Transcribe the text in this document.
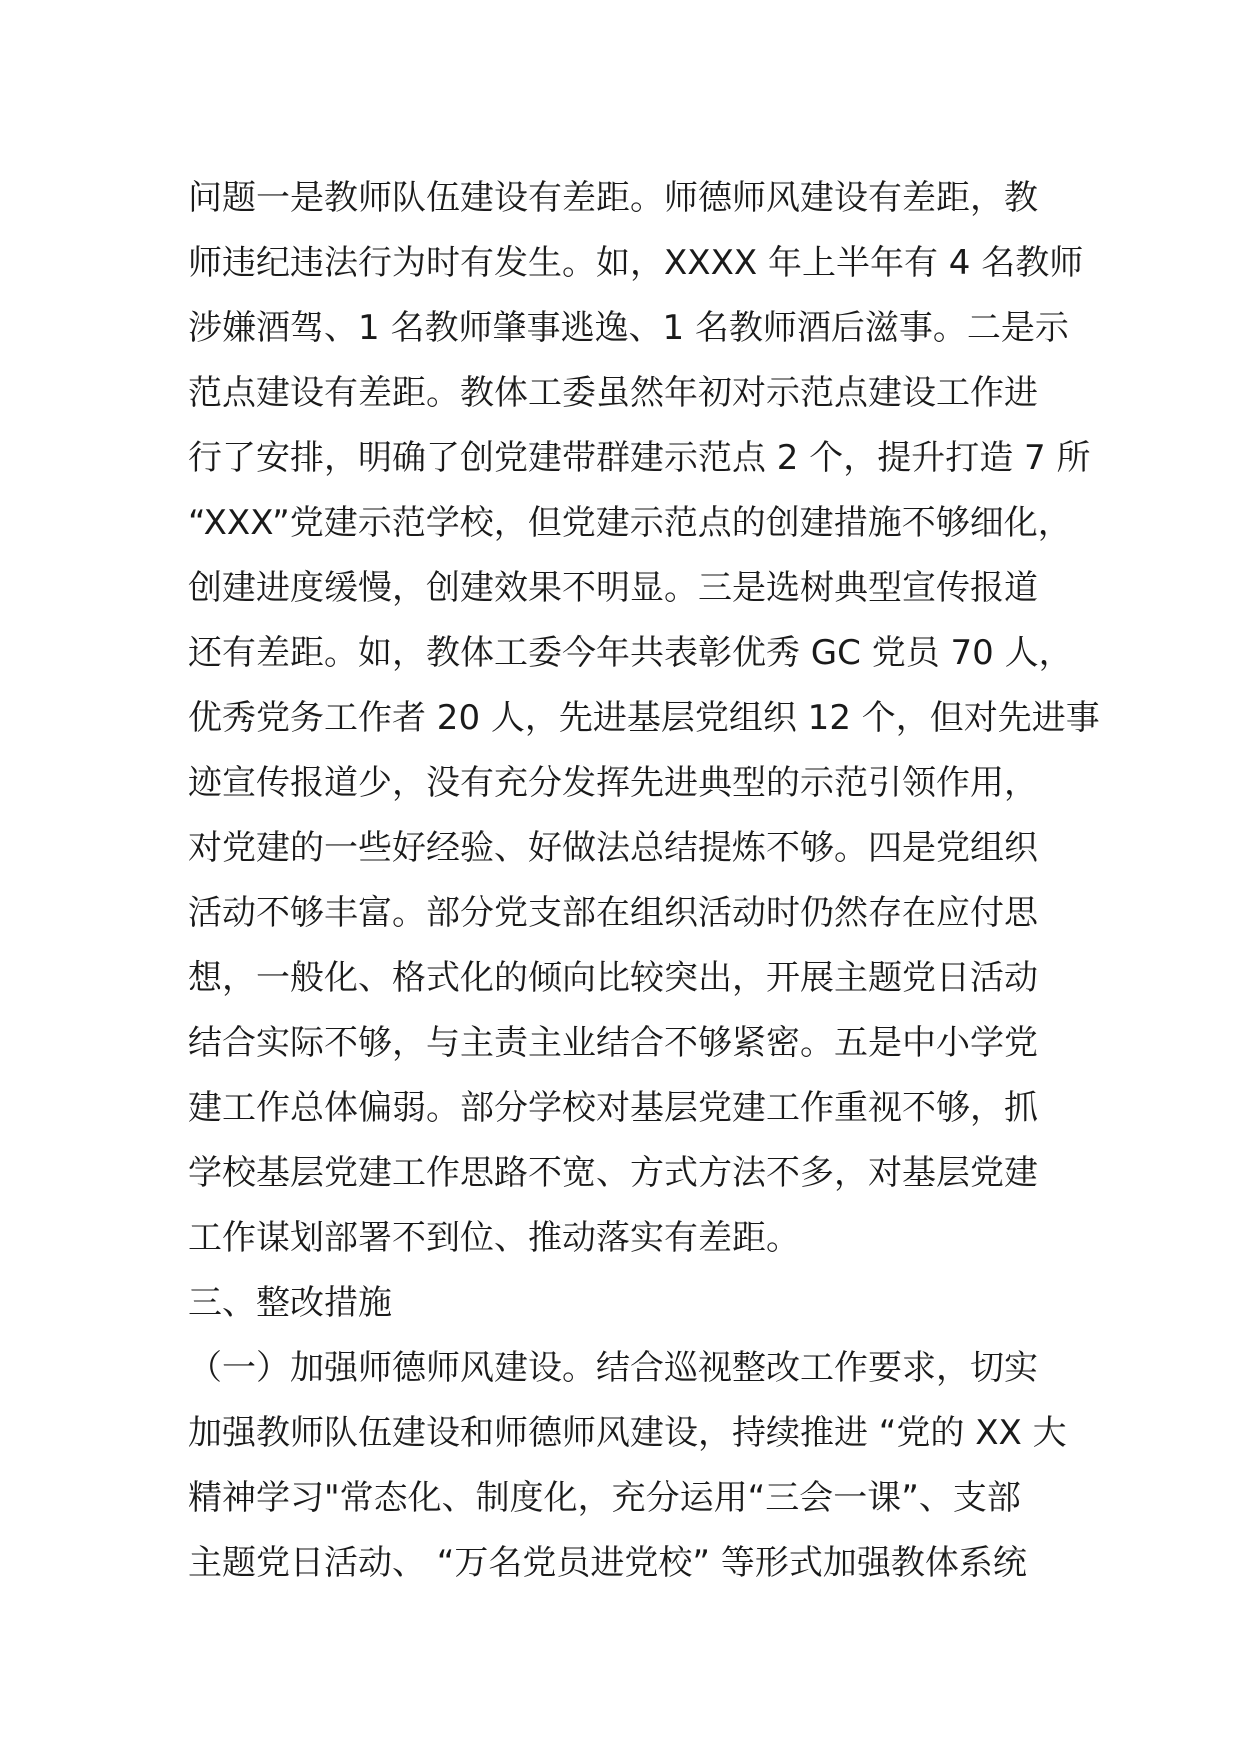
问题一是教师队伍建设有差距。师德师风建设有差距，教
师违纪违法行为时有发生。如，XXXX 年上半年有 4 名教师
涉嫌酒驾、1 名教师肇事逃逸、1 名教师酒后滋事。二是示
范点建设有差距。教体工委虽然年初对示范点建设工作进
行了安排，明确了创党建带群建示范点 2 个，提升打造 7 所
“XXX”党建示范学校，但党建示范点的创建措施不够细化，
创建进度缓慢，创建效果不明显。三是选树典型宣传报道
还有差距。如，教体工委今年共表彰优秀 GC 党员 70 人，
优秀党务工作者 20 人，先进基层党组织 12 个，但对先进事
迹宣传报道少，没有充分发挥先进典型的示范引领作用，
对党建的一些好经验、好做法总结提炼不够。四是党组织
活动不够丰富。部分党支部在组织活动时仍然存在应付思
想，一般化、格式化的倾向比较突出，开展主题党日活动
结合实际不够，与主责主业结合不够紧密。五是中小学党
建工作总体偏弱。部分学校对基层党建工作重视不够，抓
学校基层党建工作思路不宽、方式方法不多，对基层党建
工作谋划部署不到位、推动落实有差距。
三、整改措施
（一）加强师德师风建设。结合巡视整改工作要求，切实
加强教师队伍建设和师德师风建设，持续推进 “党的 XX 大
精神学习"常态化、制度化，充分运用“三会一课”、支部
主题党日活动、 “万名党员进党校” 等形式加强教体系统
